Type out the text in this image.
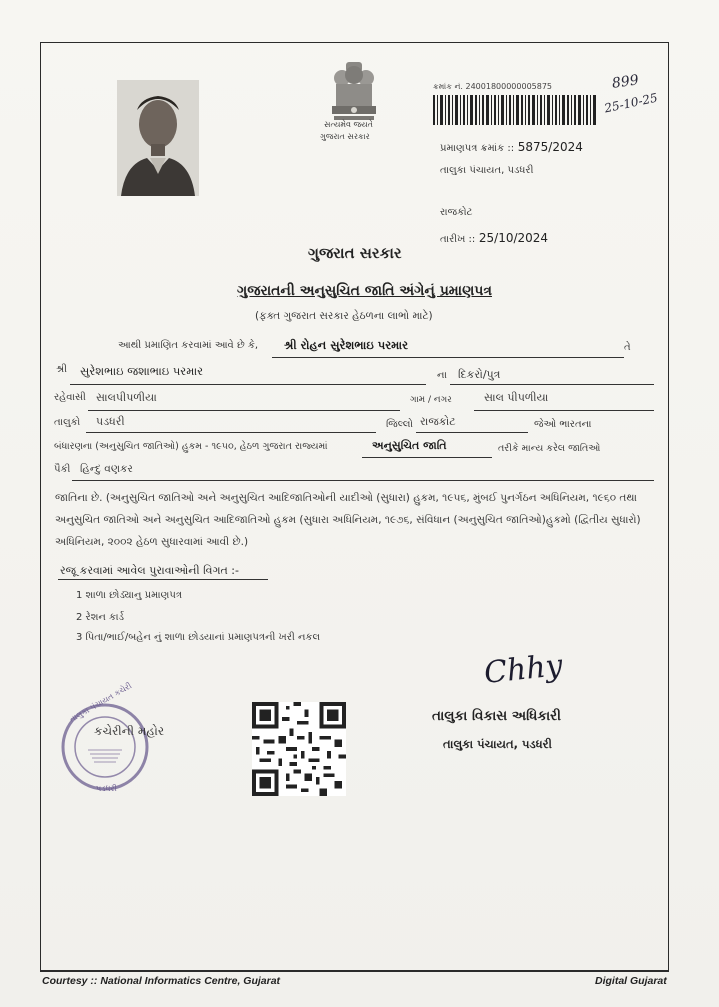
સત્યમેવ જયતે
ગુજરાત સરકાર
ક્રમાંક નં. 24001800000005875	899
25-10-25
પ્રમાણપત્ર ક્રમાંક :: 5875/2024
તાલુકા પંચાયત, પડધરી
રાજકોટ
તારીખ :: 25/10/2024
ગુજરાત સરકાર
ગુજરાતની અનુસુચિત જાતિ અંગેનું પ્રમાણપત્ર
(ફક્ત ગુજરાત સરકાર હેઠળના લાભો માટે)
આથી પ્રમાણિત કરવામાં આવે છે કે, શ્રી રોહન સુરેશભાઇ પરમાર	તે
શ્રી સુરેશભાઇ જશાભાઇ પરમાર	ના દિકરો/પુત્ર
રહેવાસી સાલપીપળીયા	ગામ / નગર	સાલ પીપળીયા
તાલુકો પડધરી	જિલ્લો રાજકોટ	જેઓ ભારતના
બંધારણના (અનુસુચિત જાતિઓ) હુકમ - ૧૯૫૦, હેઠળ ગુજરાત રાજ્યમાં	અનુસુચિત જાતિ	તરીકે માન્ય કરેલ જાતિઓ
પૈકી હિન્દુ વણકર
જાતિના છે. (અનુસુચિત જાતિઓ અને અનુસુચિત આદિજાતિઓની યાદીઓ (સુધારા) હુકમ, ૧૯૫૬, મુંબઈ પુનર્ગઠન અધિનિયમ, ૧૯૬૦ તથા અનુસુચિત જાતિઓ અને અનુસુચિત આદિજાતિઓ હુકમ (સુધારા અધિનિયમ, ૧૯૭૬, સંવિધાન (અનુસુચિત જાતિઓ)હુકમો (દ્વિતીય સુધારો) અધિનિયમ, ૨૦૦૨ હેઠળ સુધારવામાં આવી છે.)
રજૂ કરવામાં આવેલ પુરાવાઓની વિગત :-
1 શાળા છોડ્યાનુ પ્રમાણપત્ર
2 રેશન કાર્ડ
3 પિતા/ભાઈ/બહેન નું શાળા છોડયાનાં પ્રમાણપત્રની ખરી નકલ
તાલુકા પંચાયત કચેરી
પડધરી
કચેરીની મહોર
Chhy
તાલુકા વિકાસ અધિકારી
તાલુકા પંચાયત, પડધરી
Courtesy :: National Informatics Centre, Gujarat	Digital Gujarat
